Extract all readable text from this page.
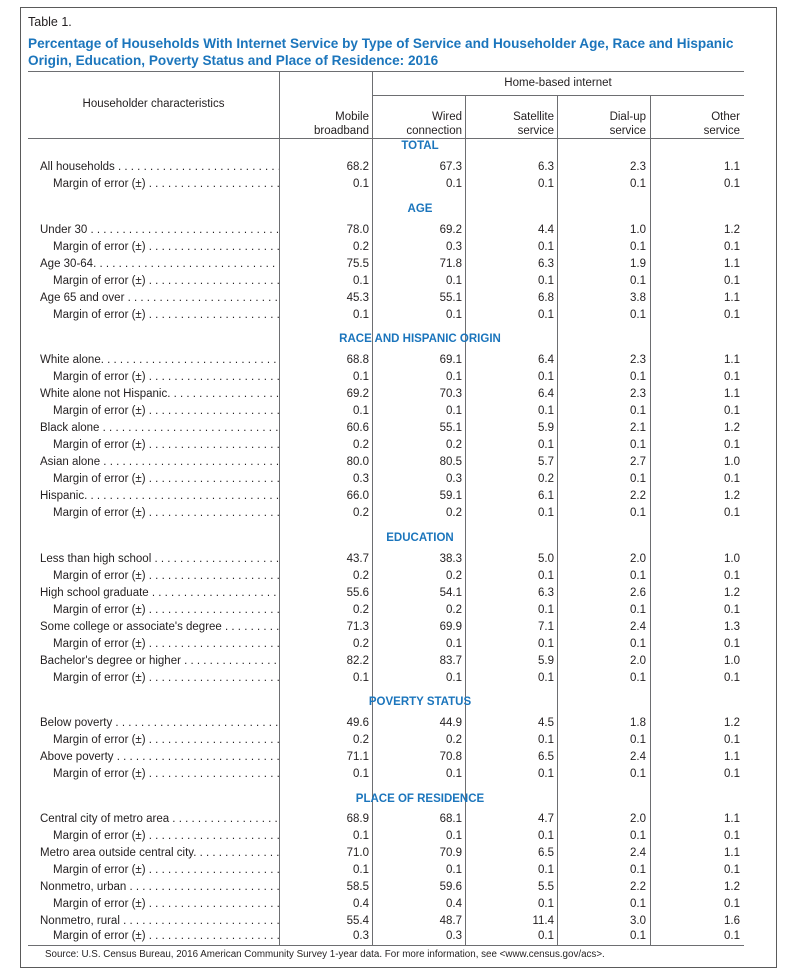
Table 1.
Percentage of Households With Internet Service by Type of Service and Householder Age, Race and Hispanic Origin, Education, Poverty Status and Place of Residence: 2016
Householder characteristics
Home-based internet
Mobile
broadband
Wired
connection
Satellite
service
Dial-up
service
Other
service
TOTAL
All households . . .	68.2	67.3	6.3	2.3	1.1
Margin of error (±) . . .	0.1	0.1	0.1	0.1	0.1
AGE
Under 30 . . .	78.0	69.2	4.4	1.0	1.2
Margin of error (±) . . .	0.2	0.3	0.1	0.1	0.1
Age 30-64. . . .	75.5	71.8	6.3	1.9	1.1
Margin of error (±) . . .	0.1	0.1	0.1	0.1	0.1
Age 65 and over . . .	45.3	55.1	6.8	3.8	1.1
Margin of error (±) . . .	0.1	0.1	0.1	0.1	0.1
RACE AND HISPANIC ORIGIN
White alone. . . .	68.8	69.1	6.4	2.3	1.1
Margin of error (±) . . .	0.1	0.1	0.1	0.1	0.1
White alone not Hispanic. . . .	69.2	70.3	6.4	2.3	1.1
Margin of error (±) . . .	0.1	0.1	0.1	0.1	0.1
Black alone . . .	60.6	55.1	5.9	2.1	1.2
Margin of error (±) . . .	0.2	0.2	0.1	0.1	0.1
Asian alone . . .	80.0	80.5	5.7	2.7	1.0
Margin of error (±) . . .	0.3	0.3	0.2	0.1	0.1
Hispanic. . . .	66.0	59.1	6.1	2.2	1.2
Margin of error (±) . . .	0.2	0.2	0.1	0.1	0.1
EDUCATION
Less than high school . . .	43.7	38.3	5.0	2.0	1.0
Margin of error (±) . . .	0.2	0.2	0.1	0.1	0.1
High school graduate . . .	55.6	54.1	6.3	2.6	1.2
Margin of error (±) . . .	0.2	0.2	0.1	0.1	0.1
Some college or associate's degree . . .	71.3	69.9	7.1	2.4	1.3
Margin of error (±) . . .	0.2	0.1	0.1	0.1	0.1
Bachelor's degree or higher . . .	82.2	83.7	5.9	2.0	1.0
Margin of error (±) . . .	0.1	0.1	0.1	0.1	0.1
POVERTY STATUS
Below poverty . . .	49.6	44.9	4.5	1.8	1.2
Margin of error (±) . . .	0.2	0.2	0.1	0.1	0.1
Above poverty . . .	71.1	70.8	6.5	2.4	1.1
Margin of error (±) . . .	0.1	0.1	0.1	0.1	0.1
PLACE OF RESIDENCE
Central city of metro area . . .	68.9	68.1	4.7	2.0	1.1
Margin of error (±) . . .	0.1	0.1	0.1	0.1	0.1
Metro area outside central city. . . .	71.0	70.9	6.5	2.4	1.1
Margin of error (±) . . .	0.1	0.1	0.1	0.1	0.1
Nonmetro, urban . . .	58.5	59.6	5.5	2.2	1.2
Margin of error (±) . . .	0.4	0.4	0.1	0.1	0.1
Nonmetro, rural . . .	55.4	48.7	11.4	3.0	1.6
Margin of error (±) . . .	0.3	0.3	0.1	0.1	0.1
Source: U.S. Census Bureau, 2016 American Community Survey 1-year data. For more information, see <www.census.gov/acs>.
